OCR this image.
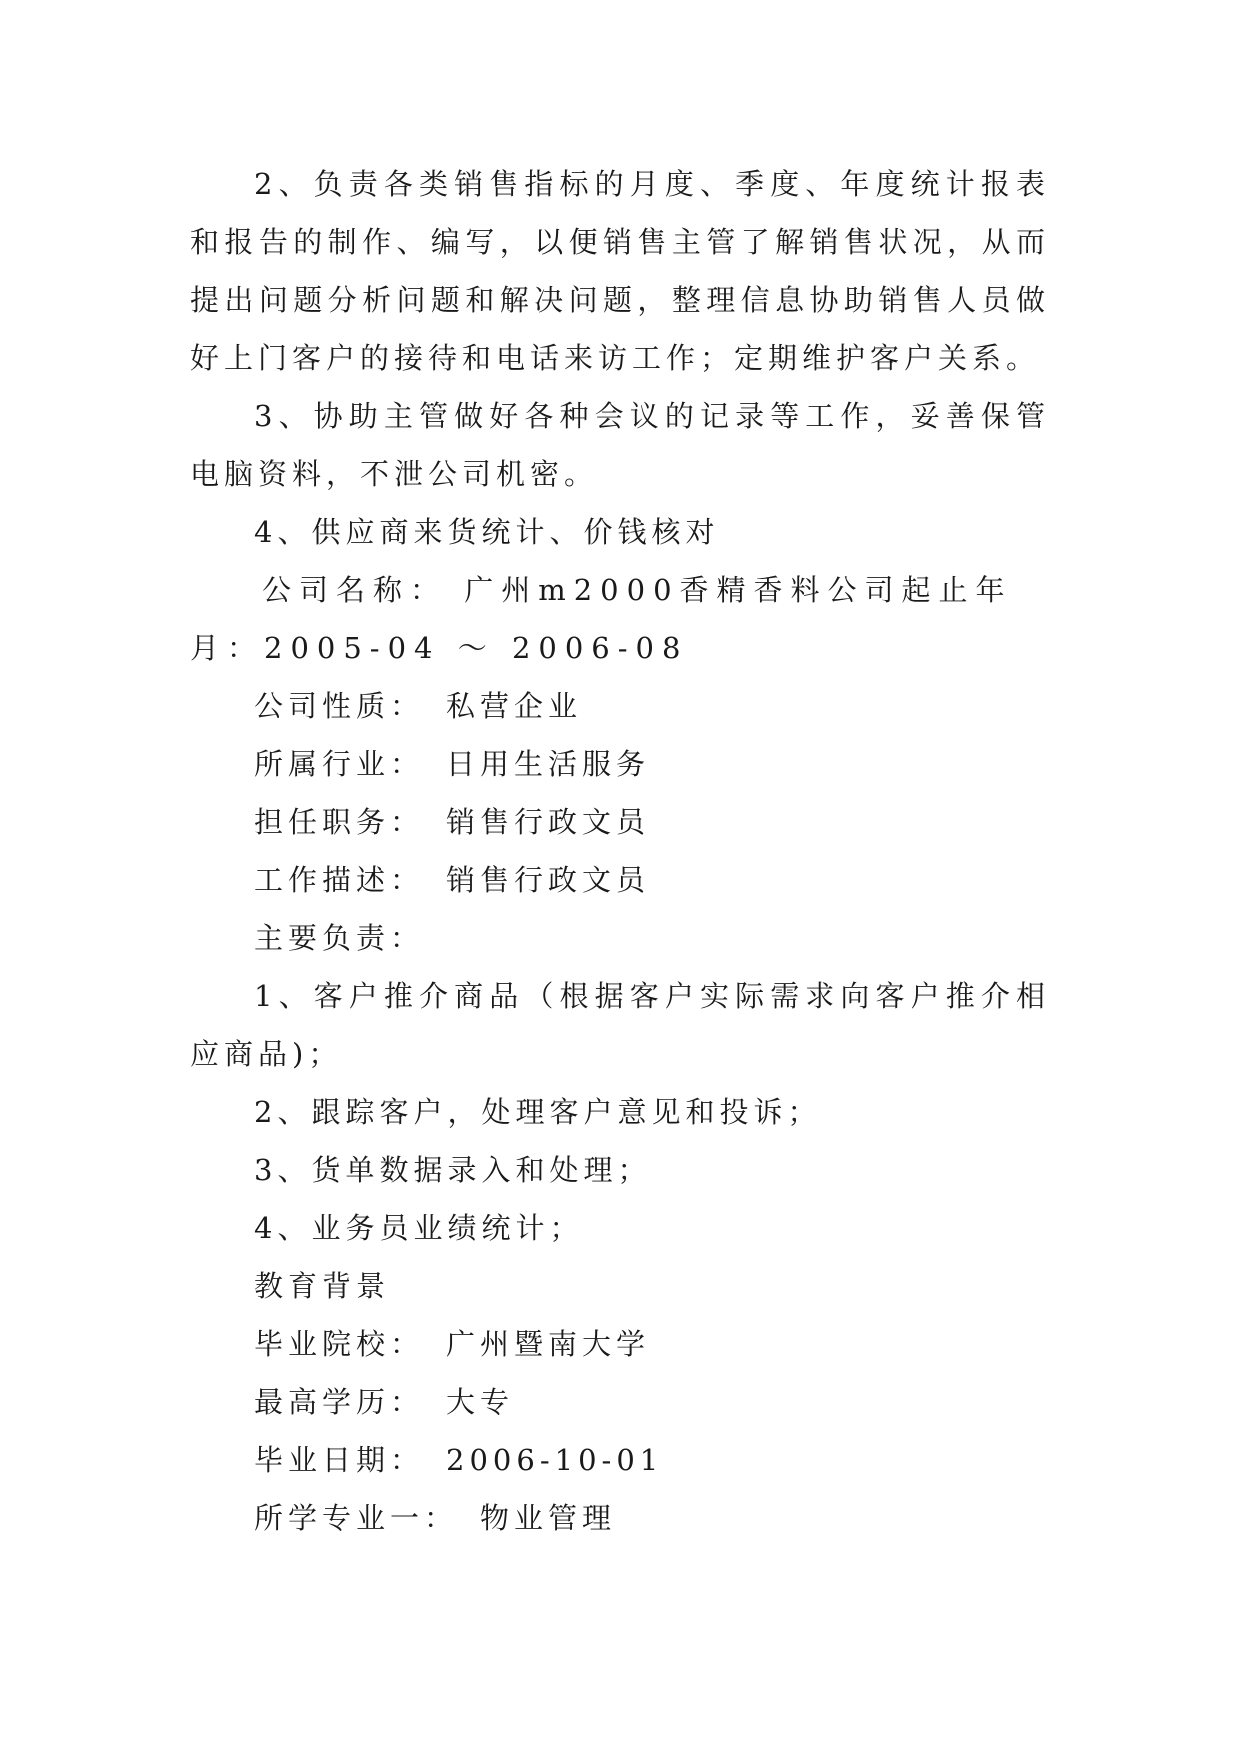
2、负责各类销售指标的月度、季度、年度统计报表和报告的制作、编写，以便销售主管了解销售状况，从而提出问题分析问题和解决问题，整理信息协助销售人员做好上门客户的接待和电话来访工作；定期维护客户关系。

3、协助主管做好各种会议的记录等工作，妥善保管电脑资料，不泄公司机密。

4、供应商来货统计、价钱核对

公司名称： 广州m2000香精香料公司起止年月：2005-04 ～ 2006-08

公司性质： 私营企业
所属行业： 日用生活服务
担任职务： 销售行政文员
工作描述： 销售行政文员
主要负责：

1、客户推介商品（根据客户实际需求向客户推介相应商品)；

2、跟踪客户，处理客户意见和投诉；

3、货单数据录入和处理；

4、业务员业绩统计；

教育背景
毕业院校： 广州暨南大学
最高学历： 大专
毕业日期： 2006-10-01
所学专业一： 物业管理
